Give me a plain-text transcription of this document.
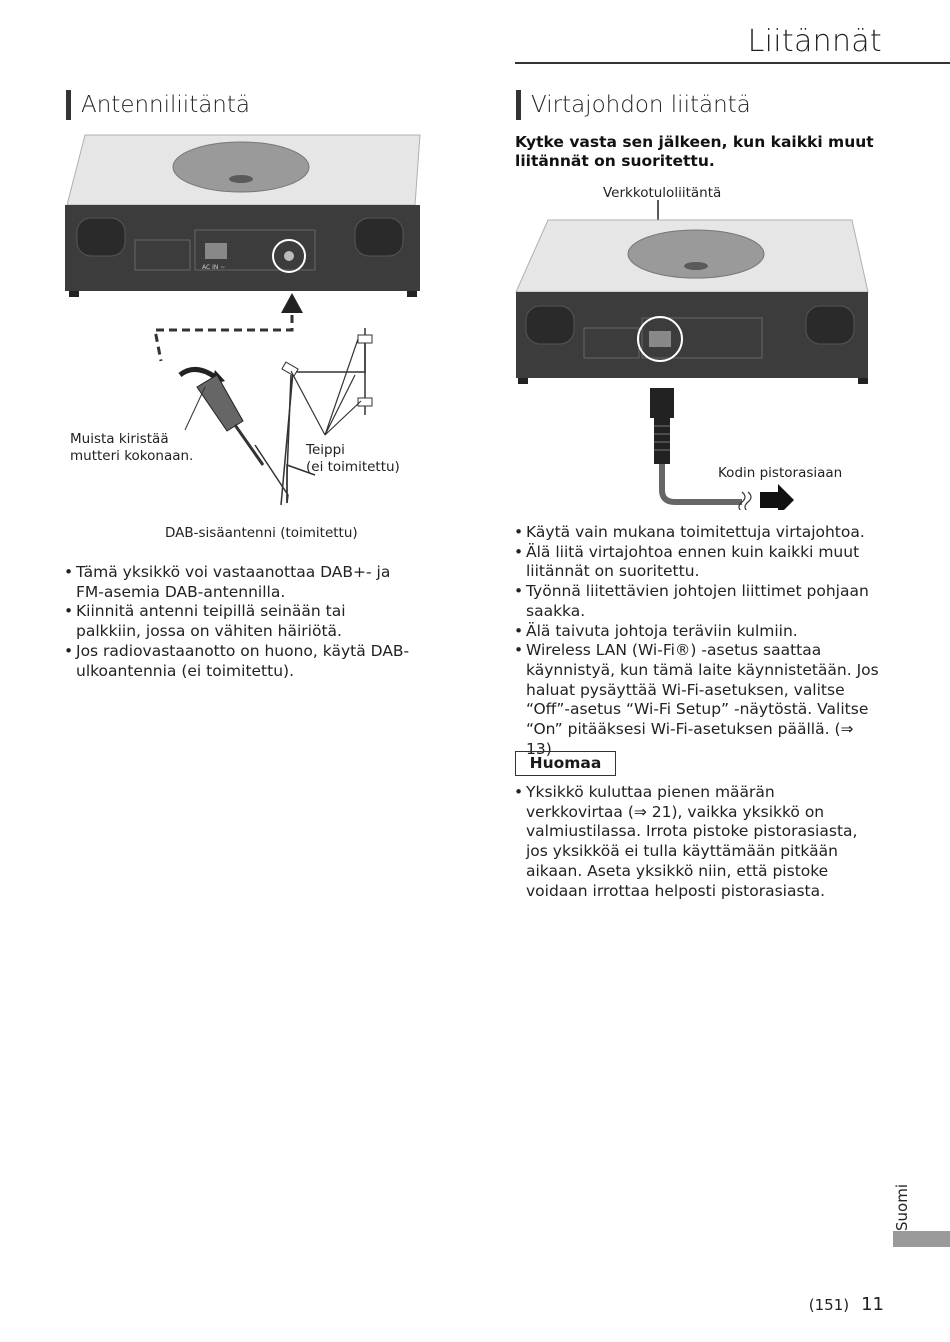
Liitännät
Antenniliitäntä
AC IN ~
Muista kiristää
mutteri kokonaan.	Teippi
(ei toimitettu)
DAB-sisäantenni (toimitettu)
• Tämä yksikkö voi vastaanottaa DAB+- ja FM-asemia DAB-antennilla.
• Kiinnitä antenni teipillä seinään tai palkkiin, jossa on vähiten häiriötä.
• Jos radiovastaanotto on huono, käytä DAB-ulkoantennia (ei toimitettu).
Virtajohdon liitäntä
Kytke vasta sen jälkeen, kun kaikki muut liitännät on suoritettu.
Verkkotuloliitäntä
Kodin pistorasiaan
• Käytä vain mukana toimitettuja virtajohtoa.
• Älä liitä virtajohtoa ennen kuin kaikki muut liitännät on suoritettu.
• Työnnä liitettävien johtojen liittimet pohjaan saakka.
• Älä taivuta johtoja teräviin kulmiin.
• Wireless LAN (Wi-Fi®) -asetus saattaa käynnistyä, kun tämä laite käynnistetään. Jos haluat pysäyttää Wi-Fi-asetuksen, valitse “Off”-asetus “Wi-Fi Setup” -näytöstä. Valitse “On” pitääksesi Wi-Fi-asetuksen päällä. (⇒ 13)
Huomaa
• Yksikkö kuluttaa pienen määrän verkkovirtaa (⇒ 21), vaikka yksikkö on valmiustilassa. Irrota pistoke pistorasiasta, jos yksikköä ei tulla käyttämään pitkään aikaan. Aseta yksikkö niin, että pistoke voidaan irrottaa helposti pistorasiasta.
Suomi
(151) 11
